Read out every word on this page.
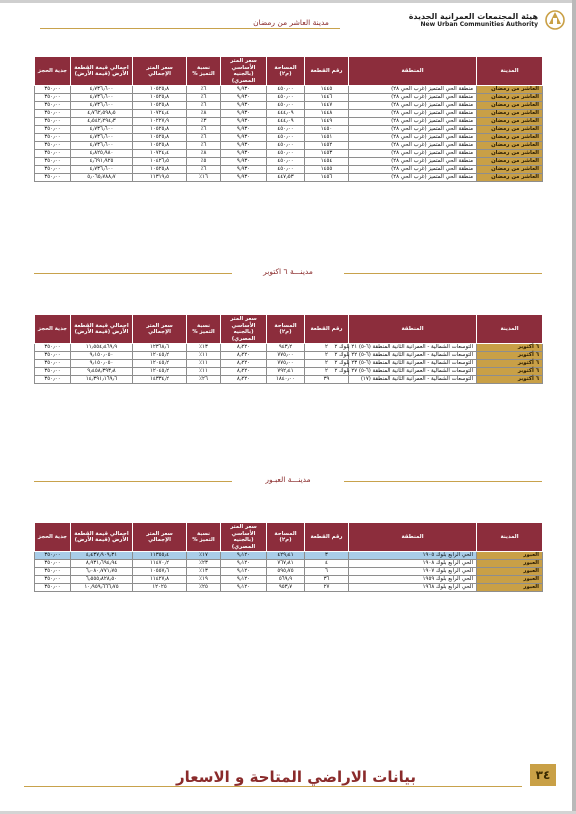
هيئة المجتمعات العمرانية الجديدة
New Urban Communities Authority
مدينة العاشر من رمضان
المدينة	المنطقة	رقم القطعة	المساحة (م٢)	سعر المتر الأساسي (بالجنيه المصري)	نسبة التميز %	سعر المتر الإجمالي	اجمالي قيمة القطعة الأرض (قيمة الأرض)	جدية الحجز
العاشر من رمضان	منطقة الحي المتميز (غرب الحي ٢٨)	١٤٤٥	٤٥٠٫٠٠	٩٫٩٣٠	٦٪	١٠٥٢٥٫٨	٤٫٧٣٦٫٦٠٠	٣٥٠٫٠٠
العاشر من رمضان	منطقة الحي المتميز (غرب الحي ٢٨)	١٤٤٦	٤٥٠٫٠٠	٩٫٩٣٠	٦٪	١٠٥٢٥٫٨	٤٫٧٣٦٫٦٠٠	٣٥٠٫٠٠
العاشر من رمضان	منطقة الحي المتميز (غرب الحي ٢٨)	١٤٤٧	٤٥٠٫٠٠	٩٫٩٣٠	٦٪	١٠٥٢٥٫٨	٤٫٧٣٦٫٦٠٠	٣٥٠٫٠٠
العاشر من رمضان	منطقة الحي المتميز (غرب الحي ٢٨)	١٤٤٨	٤٤٤٫٠٩	٩٫٩٣٠	٨٪	١٠٧٢٤٫٤	٤٫٧٦٢٫٥٩٨٫٥	٣٥٠٫٠٠
العاشر من رمضان	منطقة الحي المتميز (غرب الحي ٢٨)	١٤٤٩	٤٤٤٫٠٩	٩٫٩٣٠	٣٪	١٠٢٢٧٫٩	٤٫٥٤٢٫٢٩٤٫٣	٣٥٠٫٠٠
العاشر من رمضان	منطقة الحي المتميز (غرب الحي ٢٨)	١٤٥٠	٤٥٠٫٠٠	٩٫٩٣٠	٦٪	١٠٥٢٥٫٨	٤٫٧٣٦٫٦٠٠	٣٥٠٫٠٠
العاشر من رمضان	منطقة الحي المتميز (غرب الحي ٢٨)	١٤٥١	٤٥٠٫٠٠	٩٫٩٣٠	٦٪	١٠٥٢٥٫٨	٤٫٧٣٦٫٦٠٠	٣٥٠٫٠٠
العاشر من رمضان	منطقة الحي المتميز (غرب الحي ٢٨)	١٤٥٢	٤٥٠٫٠٠	٩٫٩٣٠	٦٪	١٠٥٢٥٫٨	٤٫٧٣٦٫٦٠٠	٣٥٠٫٠٠
العاشر من رمضان	منطقة الحي المتميز (غرب الحي ٢٨)	١٤٥٣	٤٥٠٫٠٠	٩٫٩٣٠	٨٪	١٠٧٢٤٫٤	٤٫٨٢٥٫٩٨٠	٣٥٠٫٠٠
العاشر من رمضان	منطقة الحي المتميز (غرب الحي ٢٨)	١٤٥٤	٤٥٠٫٠٠	٩٫٩٣٠	٥٪	١٠٤٢٦٫٥	٤٫٦٩١٫٩٢٥	٣٥٠٫٠٠
العاشر من رمضان	منطقة الحي المتميز (غرب الحي ٢٨)	١٤٥٥	٤٥٠٫٠٠	٩٫٩٣٠	٦٪	١٠٥٢٥٫٨	٤٫٧٣٦٫٦٠٠	٣٥٠٫٠٠
العاشر من رمضان	منطقة الحي المتميز (غرب الحي ٢٨)	١٤٥٦	٤٤٧٫٥٣	٩٫٩٣٠	١٦٪	١١٣١٩٫٥	٥٫٠٦٥٫٧٨٨٫٧	٣٥٠٫٠٠
مدينـــة ٦ اكتوبر
المدينة	المنطقة	رقم القطعة	المساحة (م٢)	سعر المتر الأساسي (بالجنيه المصري)	نسبة التميز %	سعر المتر الإجمالي	اجمالي قيمة القطعة الأرض (قيمة الأرض)	جدية الحجز
٦ أكتوبر	التوسعات الشمالية - العمرانية الثانية المنطقة (٦-٥) ٢١ بلوك ٢	٢	٩٤٣٫٢	٨٫٢٢٠	١٣٪	١٢٣٦٨٫٦	١١٫٥٥٤٫٤٦٩٫٩	٣٥٠٫٠٠
٦ أكتوبر	التوسعات الشمالية - العمرانية الثانية المنطقة (٦-٥) ٢٢ بلوك ٢	٢	٧٧٥٫٠٠	٨٫٢٢٠	١١٪	١٢٠٤٥٫٢	٩٫١٥٠٫٠٥٠	٣٥٠٫٠٠
٦ أكتوبر	التوسعات الشمالية - العمرانية الثانية المنطقة (٦-٥) ٢٣ بلوك ٢	٢	٧٧٥٫٠٠	٨٫٢٢٠	١١٪	١٢٠٤٥٫٢	٩٫١٥٠٫٠٥٠	٣٥٠٫٠٠
٦ أكتوبر	التوسعات الشمالية - العمرانية الثانية المنطقة (٦-٥) ٢٧ بلوك ٢	٢	٧٩٢٫٤١	٨٫٢٢٠	١١٪	١٢٠٤٥٫٢	٩٫٤٥٨٫٣٩٣٫٨	٣٥٠٫٠٠
٦ أكتوبر	التوسعات الشمالية - العمرانية الثانية المنطقة (١٧)	٣٩	١٨٤٠٫٠٠	٨٫٢٢٠	٢٦٪	١٤٣٣٤٫٢	١٤٫٣٩١٫١٦٩٫٦	٣٥٠٫٠٠
مدينـــة العبـور
المدينة	المنطقة	رقم القطعة	المساحة (م٢)	سعر المتر الأساسي (بالجنيه المصري)	نسبة التميز %	سعر المتر الإجمالي	اجمالي قيمة القطعة الأرض (قيمة الأرض)	جدية الحجز
العبور	الحي الرابع بلوك ١٩٠٥	٣	٤٢٩٫٤١	٩٫١٢٠	١٧٪	١١٣٥٥٫٤	٤٫٤٣٧٫٩٠٩٫٣١	٣٥٠٫٠٠
العبور	الحي الرابع بلوك ١٩٠٨	٤	٧٦٧٫٨١	٩٫١٢٠	٢٣٪	١١٤٧٠٫٢	٨٫٩٣١٫٦٩٤٫٩٤	٣٥٠٫٠٠
العبور	الحي الرابع بلوك ١٩٠٧	٦	٥٩٥٫٧٥	٩٫١٢٠	١٣٪	١٠٥٥٧٫٦	٦٫٠٨٠٫٧٧١٫٧٥	٣٥٠٫٠٠
العبور	الحي الرابع بلوك ١٩٥٩	٣٦	٥٦٩٫٩	٩٫١٢٠	١٩٪	١١٤٢٧٫٨	٦٫٥٥٥٫٨٢٨٫٥٠	٣٥٠٫٠٠
العبور	الحي الرابع بلوك ١٩٦٨	٢٧	٩٥٣٫٧	٩٫١٢٠	٢٥٪	١٢٠٢٥	١٠٫٩٥٩٫٦٦٦٫٧٥	٣٥٠٫٠٠
بيانات الاراضي المتاحة و الاسعار	٣٤
